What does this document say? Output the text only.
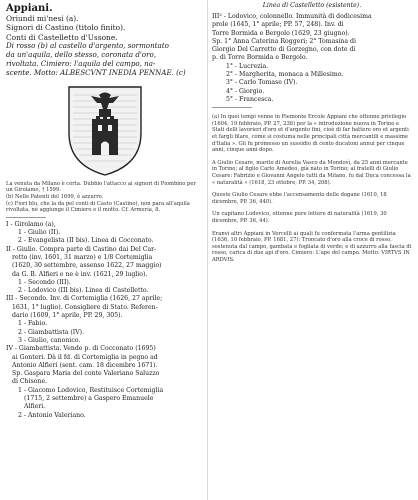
Appiani.
Oriundi mi'nesi (a).
Signori di Castino (titolo finito).
Conti di Castelletto d'Ussone.
Di rosso (b) al castello d'argento, sormontato
da un'aquila, dello stesso, coronata d'oro,
rivoltata. Cimiero: l'aquila del campo, na-
scente. Motto: ALBESCVNT INEDIA PENNAE. (c)
La venuta da Milano è certa. Dubbio l'attacco ai signori di Piombino per un Girolamo, † 1599.
(b) Nelle Patenti del 1699, è azzurro.
(c) Fiori blu, che la da pel conti di Casto (Castino), non para all'aquila rivoltata, nè aggiunge il Cimiero e il motto. Cf. Armeria, 8.

I - Girolamo (a),

1 - Giulio (II).

2 - Evangelista (II bis). Linea di Cocconato.

II - Giulio. Compra parte di Castino dai Del Car-

retto (inv. 1601, 31 marzo) e 1/8 Cortemiglia

(1620, 30 settembre, assenso 1622, 27 maggio)

da G. B. Alfieri e ne è inv. (1621, 29 luglio).

1 - Secondo (III).

2 - Lodovico (III bis). Linea di Castelletto.

III - Secondo. Inv. di Cortemiglia (1626, 27 aprile;

1631, 1° luglio). Consigliere di Stato. Referen-

dario (1609, 1° aprile, PP. 29, 305).

1 - Fabio.

2 - Giambattista (IV).

3 - Giulio, canonico.

IV - Giambattista. Vende p. di Cocconato (1695)

ai Gonteri. Dà il fd. di Cortemiglia in pegno ad

Antonio Alfieri (sent. cam. 18 dicembre 1671).

Sp. Gaspara Maria del conte Valeriano Saluzzo

di Chisone.

1 - Giacomo Lodovico, Restituisce Cortemiglia

(1715, 2 settembre) a Gaspero Emanuele

Alfieri.

2 - Antonio Valeriano.

Linea di Castelletto (esistente).
III² - Lodovico, colonnello. Immunità di dodicesima
prole (1645, 1° aprile; PP. 57, 248). Inv. di
Torre Bormida e Bergolo (1629, 23 giugno).
Sp. 1° Anna Caterina Roggeri; 2° Tomasina di
Giorgio Del Carretto di Gorzegno, con dote di
p. di Torre Bormida e Bergolo.
1° - Lucrezia.
2° - Margherita, monaca a Millesimo.
3° - Carlo Tomase (IV).
4° - Giorgio.
5° - Francesca.
(a) In quei tempi venne in Piemonte Ercole Appiani che ottenne privilegio (1604, 19 febbraio, PP. 27, 238) per la « introduzione nuova in Torino e Stati delli lavorieri d'oro et d'argento fini, cioè di far battere oro et argenti et fargli filare, come si costuma nelle principali città mercantili e massime d'Italia ». Gli fu promesso un sussidio di cento ducatoni annui per cinque anni, cinque anni dopo.
A Giulio Cesare, marito di Aurelia Vasco da Mondovì, da 25 anni mercante in Torino; al figlio Carlo Amedeo, già nato in Torino; ai fratelli di Giulio Cesare: Fabrizio e Giovanni Angelo tutti da Milano, fu dal Duca concessa la « naturalità » (1618, 23 ottobre, PP. 34, 208).
Questo Giulio Cesare ebbe l'accensamento delle dogane (1610, 18 dicembre, PP. 36, 440).
Un capitano Lodovico, ottenne pure lettere di naturalità (1619, 30 dicembre, PP. 36, 44).
Eranvi altri Appiani in Vercelli ai quali fu confermata l'arma gentilizia (1636, 10 febbraio, PP. 1681, 27): Troncato d'oro alla croce di rosso, sostenuta dal campo, gambata e fogliata di verde; e di azzurro alla fascia di rosso, carica di due api d'oro. Cimiero: L'ape del campo. Motto: VIRTVS IN ARDVIS.
